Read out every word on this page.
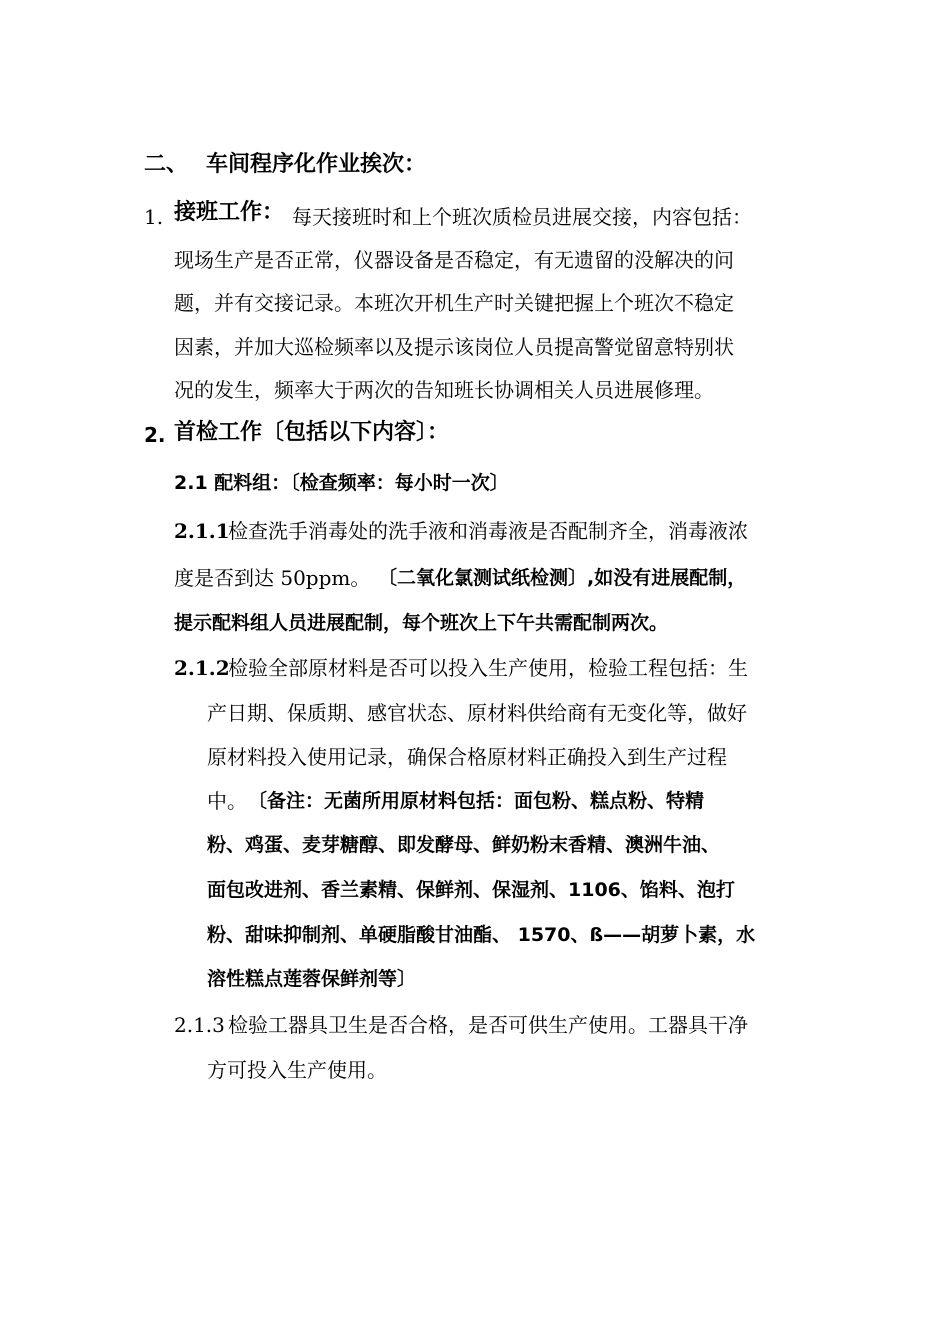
二、 车间程序化作业挨次：
1. 接班工作： 每天接班时和上个班次质检员进展交接，内容包括：
现场生产是否正常，仪器设备是否稳定，有无遗留的没解决的问
题，并有交接记录。本班次开机生产时关键把握上个班次不稳定
因素，并加大巡检频率以及提示该岗位人员提高警觉留意特别状
况的发生，频率大于两次的告知班长协调相关人员进展修理。
2. 首检工作〔包括以下内容〕：
2.1 配料组：〔检查频率：每小时一次〕
2.1.1
检查洗手消毒处的洗手液和消毒液是否配制齐全，消毒液浓
度是否到达 50ppm。 〔二氧化氯测试纸检测〕,如没有进展配制，
提示配料组人员进展配制，每个班次上下午共需配制两次。
2.1.2
检验全部原材料是否可以投入生产使用，检验工程包括：生
产日期、保质期、感官状态、原材料供给商有无变化等，做好
原材料投入使用记录，确保合格原材料正确投入到生产过程
中。 〔备注：无菌所用原材料包括：面包粉、糕点粉、特精
粉、鸡蛋、麦芽糖醇、即发酵母、鲜奶粉末香精、澳洲牛油、
面包改进剂、香兰素精、保鲜剂、保湿剂、1106、馅料、泡打
粉、甜味抑制剂、单硬脂酸甘油酯、 1570、ß——胡萝卜素，水
溶性糕点莲蓉保鲜剂等〕
2.1.3 检验工器具卫生是否合格，是否可供生产使用。工器具干净
方可投入生产使用。
